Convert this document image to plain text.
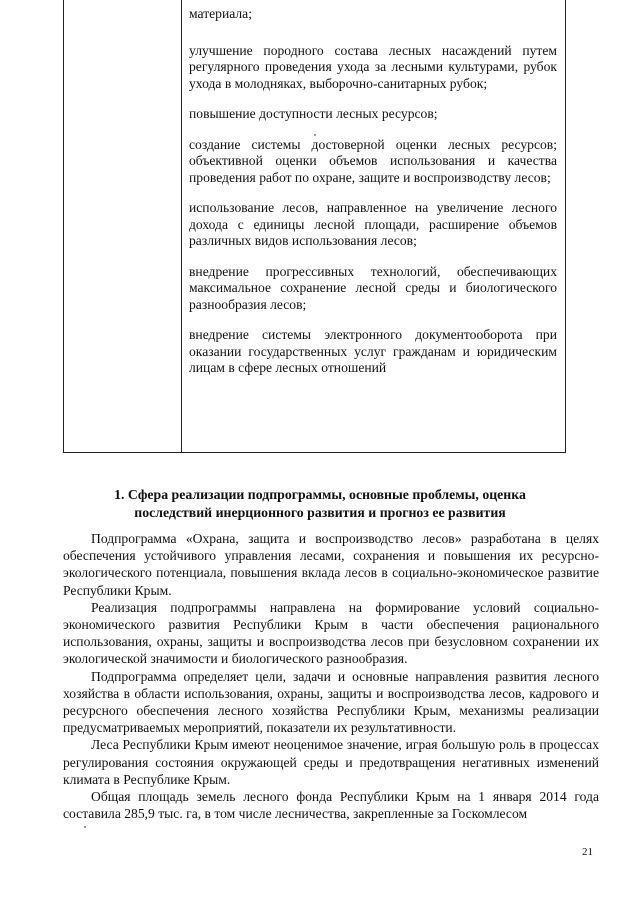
материала;

улучшение породного состава лесных насаждений путем регулярного проведения ухода за лесными культурами, рубок ухода в молодняках, выборочно-санитарных рубок;

повышение доступности лесных ресурсов;

создание системы достоверной оценки лесных ресурсов; объективной оценки объемов использования и качества проведения работ по охране, защите и воспроизводству лесов;

использование лесов, направленное на увеличение лесного дохода с единицы лесной площади, расширение объемов различных видов использования лесов;

внедрение прогрессивных технологий, обеспечивающих максимальное сохранение лесной среды и биологического разнообразия лесов;

внедрение системы электронного документооборота при оказании государственных услуг гражданам и юридическим лицам в сфере лесных отношений

1. Сфера реализации подпрограммы, основные проблемы, оценка последствий инерционного развития и прогноз ее развития

Подпрограмма «Охрана, защита и воспроизводство лесов» разработана в целях обеспечения устойчивого управления лесами, сохранения и повышения их ресурсно-экологического потенциала, повышения вклада лесов в социально-экономическое развитие Республики Крым.

Реализация подпрограммы направлена на формирование условий социально-экономического развития Республики Крым в части обеспечения рационального использования, охраны, защиты и воспроизводства лесов при безусловном сохранении их экологической значимости и биологического разнообразия.

Подпрограмма определяет цели, задачи и основные направления развития лесного хозяйства в области использования, охраны, защиты и воспроизводства лесов, кадрового и ресурсного обеспечения лесного хозяйства Республики Крым, механизмы реализации предусматриваемых мероприятий, показатели их результативности.

Леса Республики Крым имеют неоценимое значение, играя большую роль в процессах регулирования состояния окружающей среды и предотвращения негативных изменений климата в Республике Крым.

Общая площадь земель лесного фонда Республики Крым на 1 января 2014 года составила 285,9 тыс. га, в том числе лесничества, закрепленные за Госкомлесом

21
